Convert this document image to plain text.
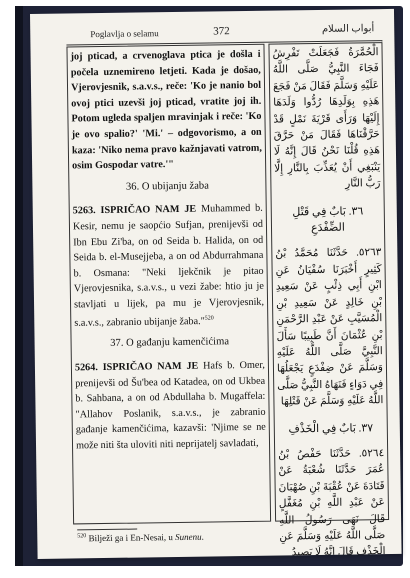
Poglavlja o selamu	372	أبواب السلام

joj pticad, a crvenoglava ptica je došla i počela uznemireno letjeti. Kada je došao, Vjerovjesnik, s.a.v.s., reče: 'Ko je nanio bol ovoj ptici uzevši joj pticad, vratite joj ih. Potom ugleda spaljen mravinjak i reče: 'Ko je ovo spalio?' 'Mi.' – odgovorismo, a on kaza: 'Niko nema pravo kažnjavati vatrom, osim Gospodar vatre.'"

36. O ubijanju žaba

5263. ISPRIČAO NAM JE Muhammed b. Kesir, nemu je saopćio Sufjan, prenijevši od Ibn Ebu Zi'ba, on od Seida b. Halida, on od Seida b. el-Musejjeba, a on od Abdurrahmana b. Osmana: "Neki ljekčnik je pitao Vjerovjesnika, s.a.v.s., u vezi žabe: htio ju je stavljati u lijek, pa mu je Vjerovjesnik, s.a.v.s., zabranio ubijanje žaba."$^{520}$

37. O gađanju kamenčićima

5264. ISPRIČAO NAM JE Hafs b. Omer, prenijevši od Šu'bea od Katadea, on od Ukbea b. Sahbana, a on od Abdullaha b. Mugaffela: "Allahov Poslanik, s.a.v.s., je zabranio gađanje kamenčićima, kazavši: 'Njime se ne može niti šta uloviti niti neprijatelj savladati,

الْحُمَّرَةُ فَجَعَلَتْ تَفْرِشُ فَجَاءَ النَّبِيُّ صَلَّى اللَّهُ عَلَيْهِ وَسَلَّمَ فَقَالَ مَنْ فَجَعَ هَذِهِ بِوَلَدِهَا رُدُّوا وَلَدَهَا إِلَيْهَا وَرَأَى قَرْيَةَ نَمْلٍ قَدْ حَرَّقْنَاهَا فَقَالَ مَنْ حَرَّقَ هَذِهِ قُلْنَا نَحْنُ قَالَ إِنَّهُ لَا يَنْبَغِي أَنْ يُعَذِّبَ بِالنَّارِ إِلَّا رَبُّ النَّارِ

٣٦. بَابٌ فِي قَتْلِ الضِّفْدَعِ

٥٢٦٣. حَدَّثَنَا مُحَمَّدُ بْنُ كَثِيرٍ أَخْبَرَنَا سُفْيَانُ عَنِ ابْنِ أَبِي ذِئْبٍ عَنْ سَعِيدِ بْنِ خَالِدٍ عَنْ سَعِيدِ بْنِ الْمُسَيَّبِ عَنْ عَبْدِ الرَّحْمَنِ بْنِ عُثْمَانَ أَنَّ طَبِيبًا سَأَلَ النَّبِيَّ صَلَّى اللَّهُ عَلَيْهِ وَسَلَّمَ عَنْ ضِفْدَعٍ يَجْعَلُهَا فِي دَوَاءٍ فَنَهَاهُ النَّبِيُّ صَلَّى اللَّهُ عَلَيْهِ وَسَلَّمَ عَنْ قَتْلِهَا

٣٧. بَابٌ فِي الْخَذْفِ

٥٢٦٤. حَدَّثَنَا حَفْصُ بْنُ عُمَرَ حَدَّثَنَا شُعْبَةُ عَنْ قَتَادَةَ عَنْ عُقْبَةَ بْنِ صُهْبَانَ عَنْ عَبْدِ اللَّهِ بْنِ مُغَفَّلٍ قَالَ نَهَى رَسُولُ اللَّهِ صَلَّى اللَّهُ عَلَيْهِ وَسَلَّمَ عَنِ الْخَذْفِ قَالَ إِنَّهُ لَا يَصِيدُ

$^{520}$ Bilježi ga i En-Nesai, u Sunenu.
